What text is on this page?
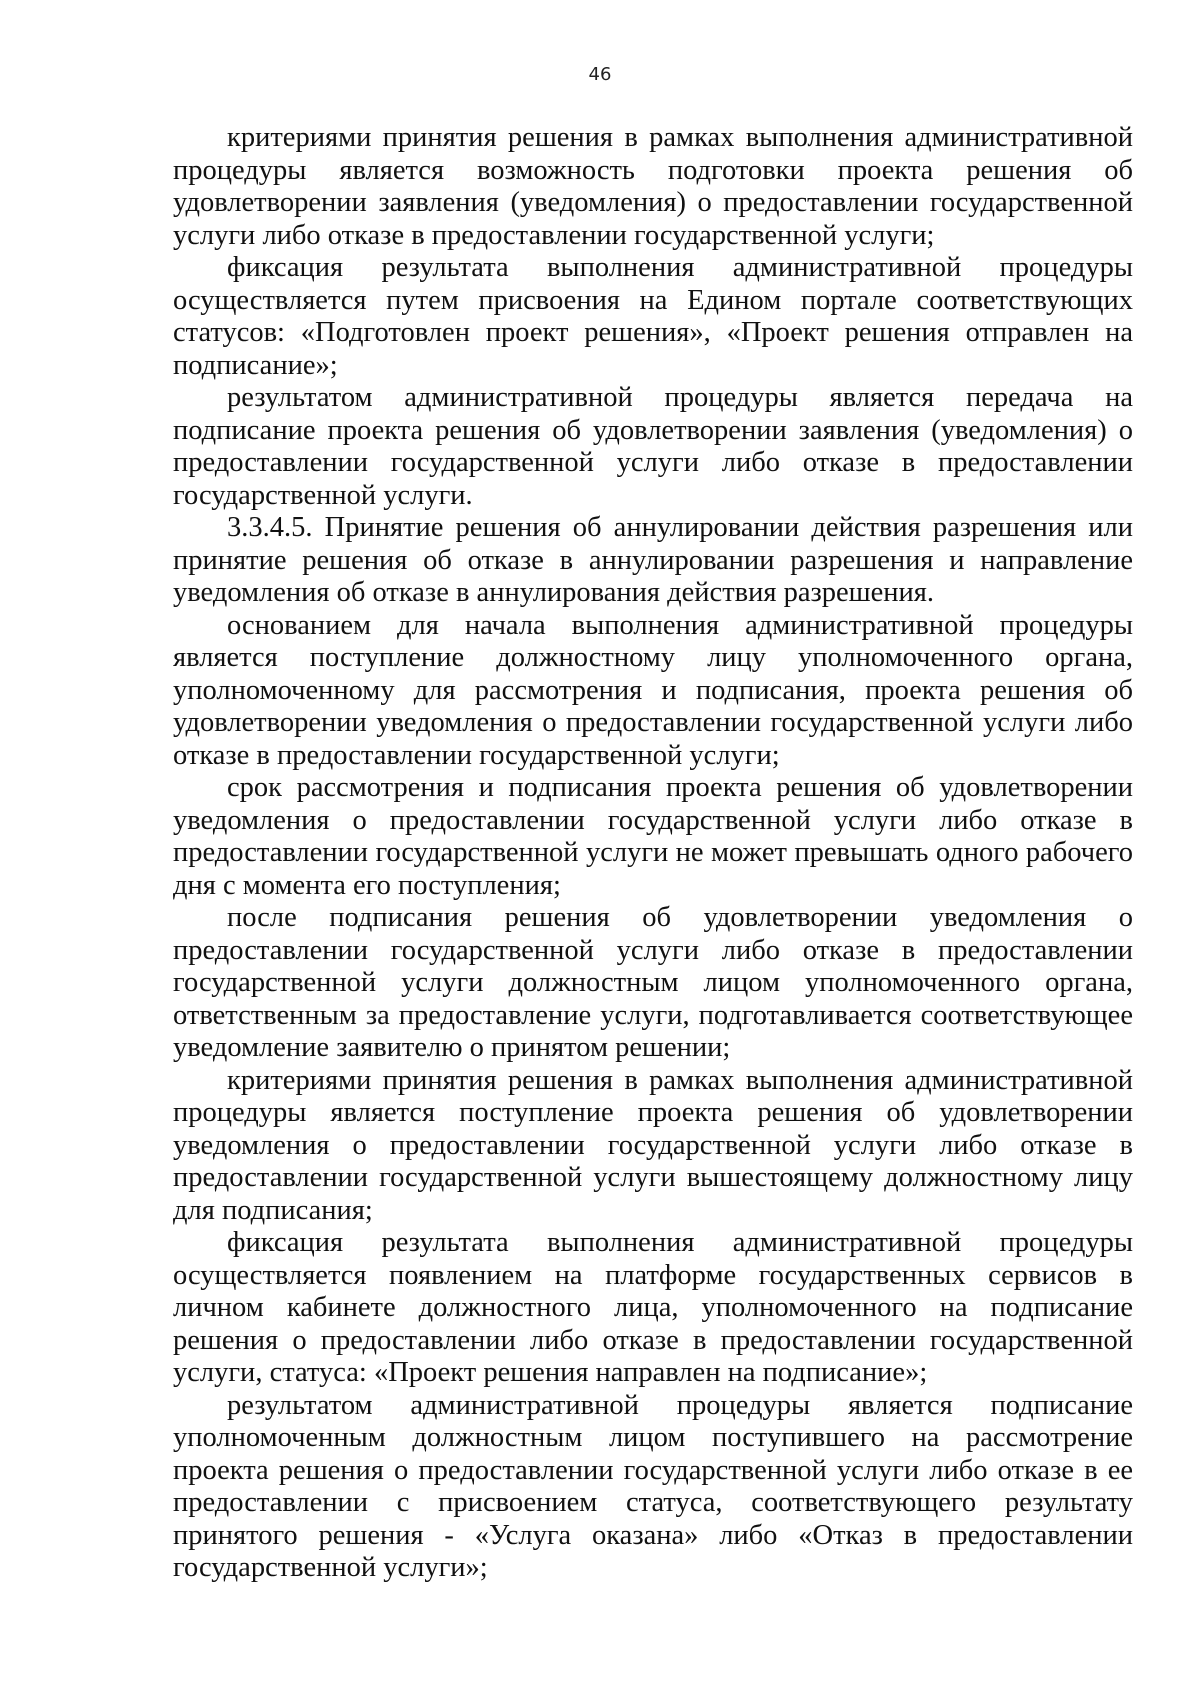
46

критериями принятия решения в рамках выполнения административной процедуры является возможность подготовки проекта решения об удовлетворении заявления (уведомления) о предоставлении государственной услуги либо отказе в предоставлении государственной услуги;

фиксация результата выполнения административной процедуры осуществляется путем присвоения на Едином портале соответствующих статусов: «Подготовлен проект решения», «Проект решения отправлен на подписание»;

результатом административной процедуры является передача на подписание проекта решения об удовлетворении заявления (уведомления) о предоставлении государственной услуги либо отказе в предоставлении государственной услуги.

3.3.4.5. Принятие решения об аннулировании действия разрешения или принятие решения об отказе в аннулировании разрешения и направление уведомления об отказе в аннулирования действия разрешения.

основанием для начала выполнения административной процедуры является поступление должностному лицу уполномоченного органа, уполномоченному для рассмотрения и подписания, проекта решения об удовлетворении уведомления о предоставлении государственной услуги либо отказе в предоставлении государственной услуги;

срок рассмотрения и подписания проекта решения об удовлетворении уведомления о предоставлении государственной услуги либо отказе в предоставлении государственной услуги не может превышать одного рабочего дня с момента его поступления;

после подписания решения об удовлетворении уведомления о предоставлении государственной услуги либо отказе в предоставлении государственной услуги должностным лицом уполномоченного органа, ответственным за предоставление услуги, подготавливается соответствующее уведомление заявителю о принятом решении;

критериями принятия решения в рамках выполнения административной процедуры является поступление проекта решения об удовлетворении уведомления о предоставлении государственной услуги либо отказе в предоставлении государственной услуги вышестоящему должностному лицу для подписания;

фиксация результата выполнения административной процедуры осуществляется появлением на платформе государственных сервисов в личном кабинете должностного лица, уполномоченного на подписание решения о предоставлении либо отказе в предоставлении государственной услуги, статуса: «Проект решения направлен на подписание»;

результатом административной процедуры является подписание уполномоченным должностным лицом поступившего на рассмотрение проекта решения о предоставлении государственной услуги либо отказе в ее предоставлении с присвоением статуса, соответствующего результату принятого решения - «Услуга оказана» либо «Отказ в предоставлении государственной услуги»;
